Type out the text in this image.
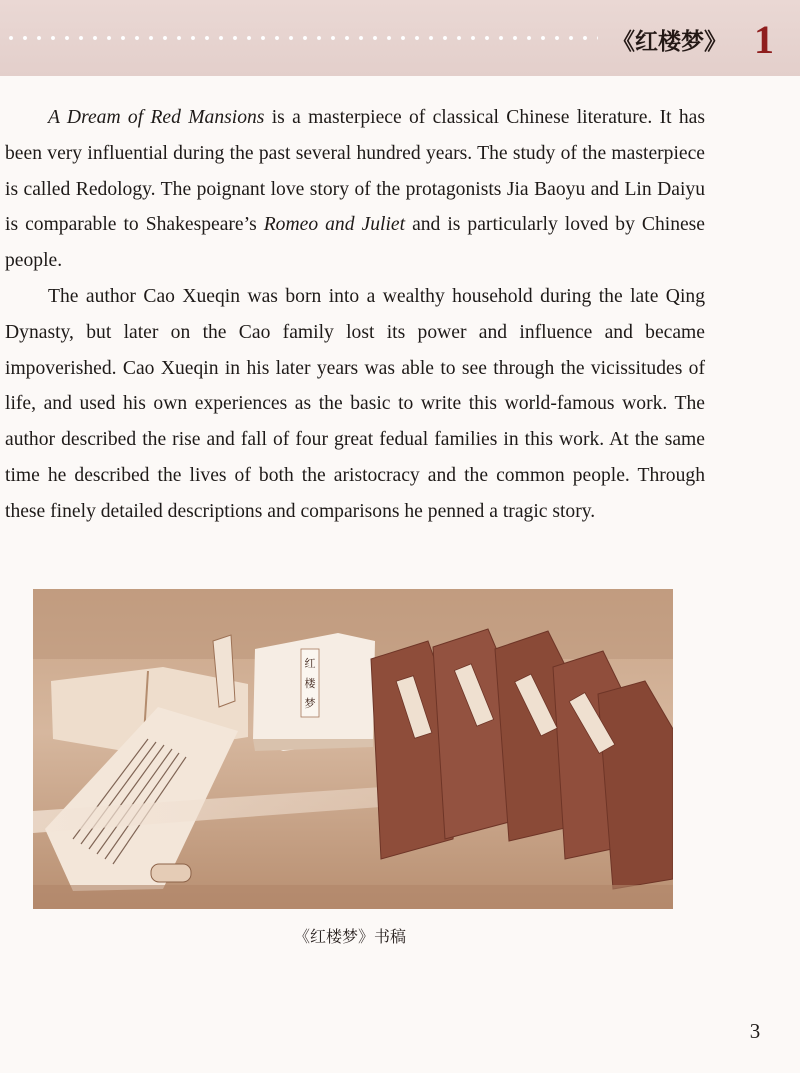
《红楼梦》 1

A Dream of Red Mansions is a masterpiece of classical Chinese literature. It has been very influential during the past several hundred years. The study of the masterpiece is called Redology. The poignant love story of the protagonists Jia Baoyu and Lin Daiyu is comparable to Shakespeare’s Romeo and Juliet and is particularly loved by Chinese people.

The author Cao Xueqin was born into a wealthy household during the late Qing Dynasty, but later on the Cao family lost its power and influence and became impoverished. Cao Xueqin in his later years was able to see through the vicissitudes of life, and used his own experiences as the basic to write this world-famous work. The author described the rise and fall of four great fedual families in this work. At the same time he described the lives of both the aristocracy and the common people. Through these finely detailed descriptions and comparisons he penned a tragic story.

红
楼
梦
《红楼梦》书稿
3
